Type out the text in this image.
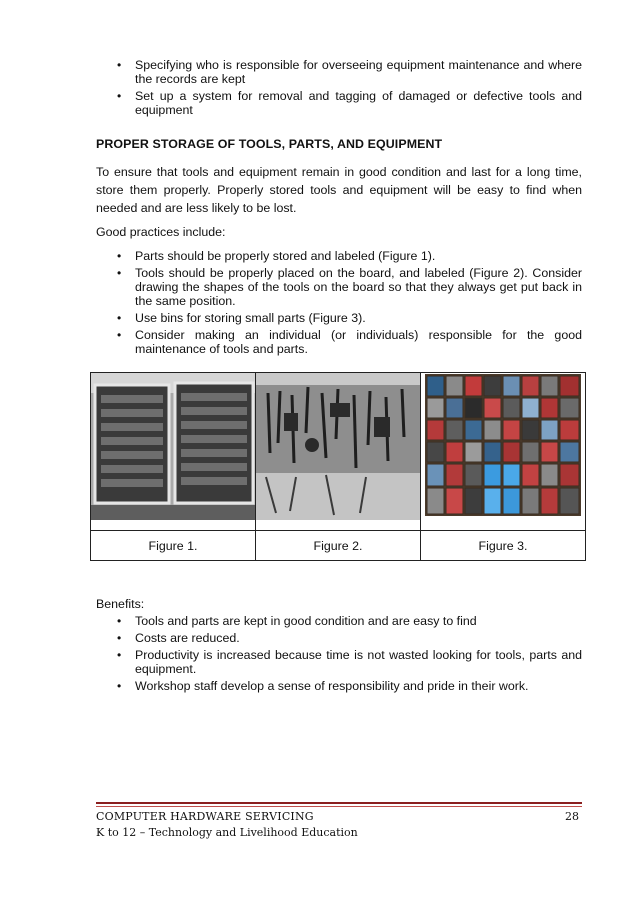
• Specifying who is responsible for overseeing equipment maintenance and where the records are kept
• Set up a system for removal and tagging of damaged or defective tools and equipment
PROPER STORAGE OF TOOLS, PARTS, AND EQUIPMENT

To ensure that tools and equipment remain in good condition and last for a long time, store them properly. Properly stored tools and equipment will be easy to find when needed and are less likely to be lost.

Good practices include:
• Parts should be properly stored and labeled (Figure 1).
• Tools should be properly placed on the board, and labeled (Figure 2). Consider drawing the shapes of the tools on the board so that they always get put back in the same position.
• Use bins for storing small parts (Figure 3).
• Consider making an individual (or individuals) responsible for the good maintenance of tools and parts.

Figure 1.	Figure 2.	Figure 3.
Benefits:
• Tools and parts are kept in good condition and are easy to find
• Costs are reduced.
• Productivity is increased because time is not wasted looking for tools, parts and equipment.
• Workshop staff develop a sense of responsibility and pride in their work.
COMPUTER HARDWARE SERVICING	28
K to 12 – Technology and Livelihood Education
